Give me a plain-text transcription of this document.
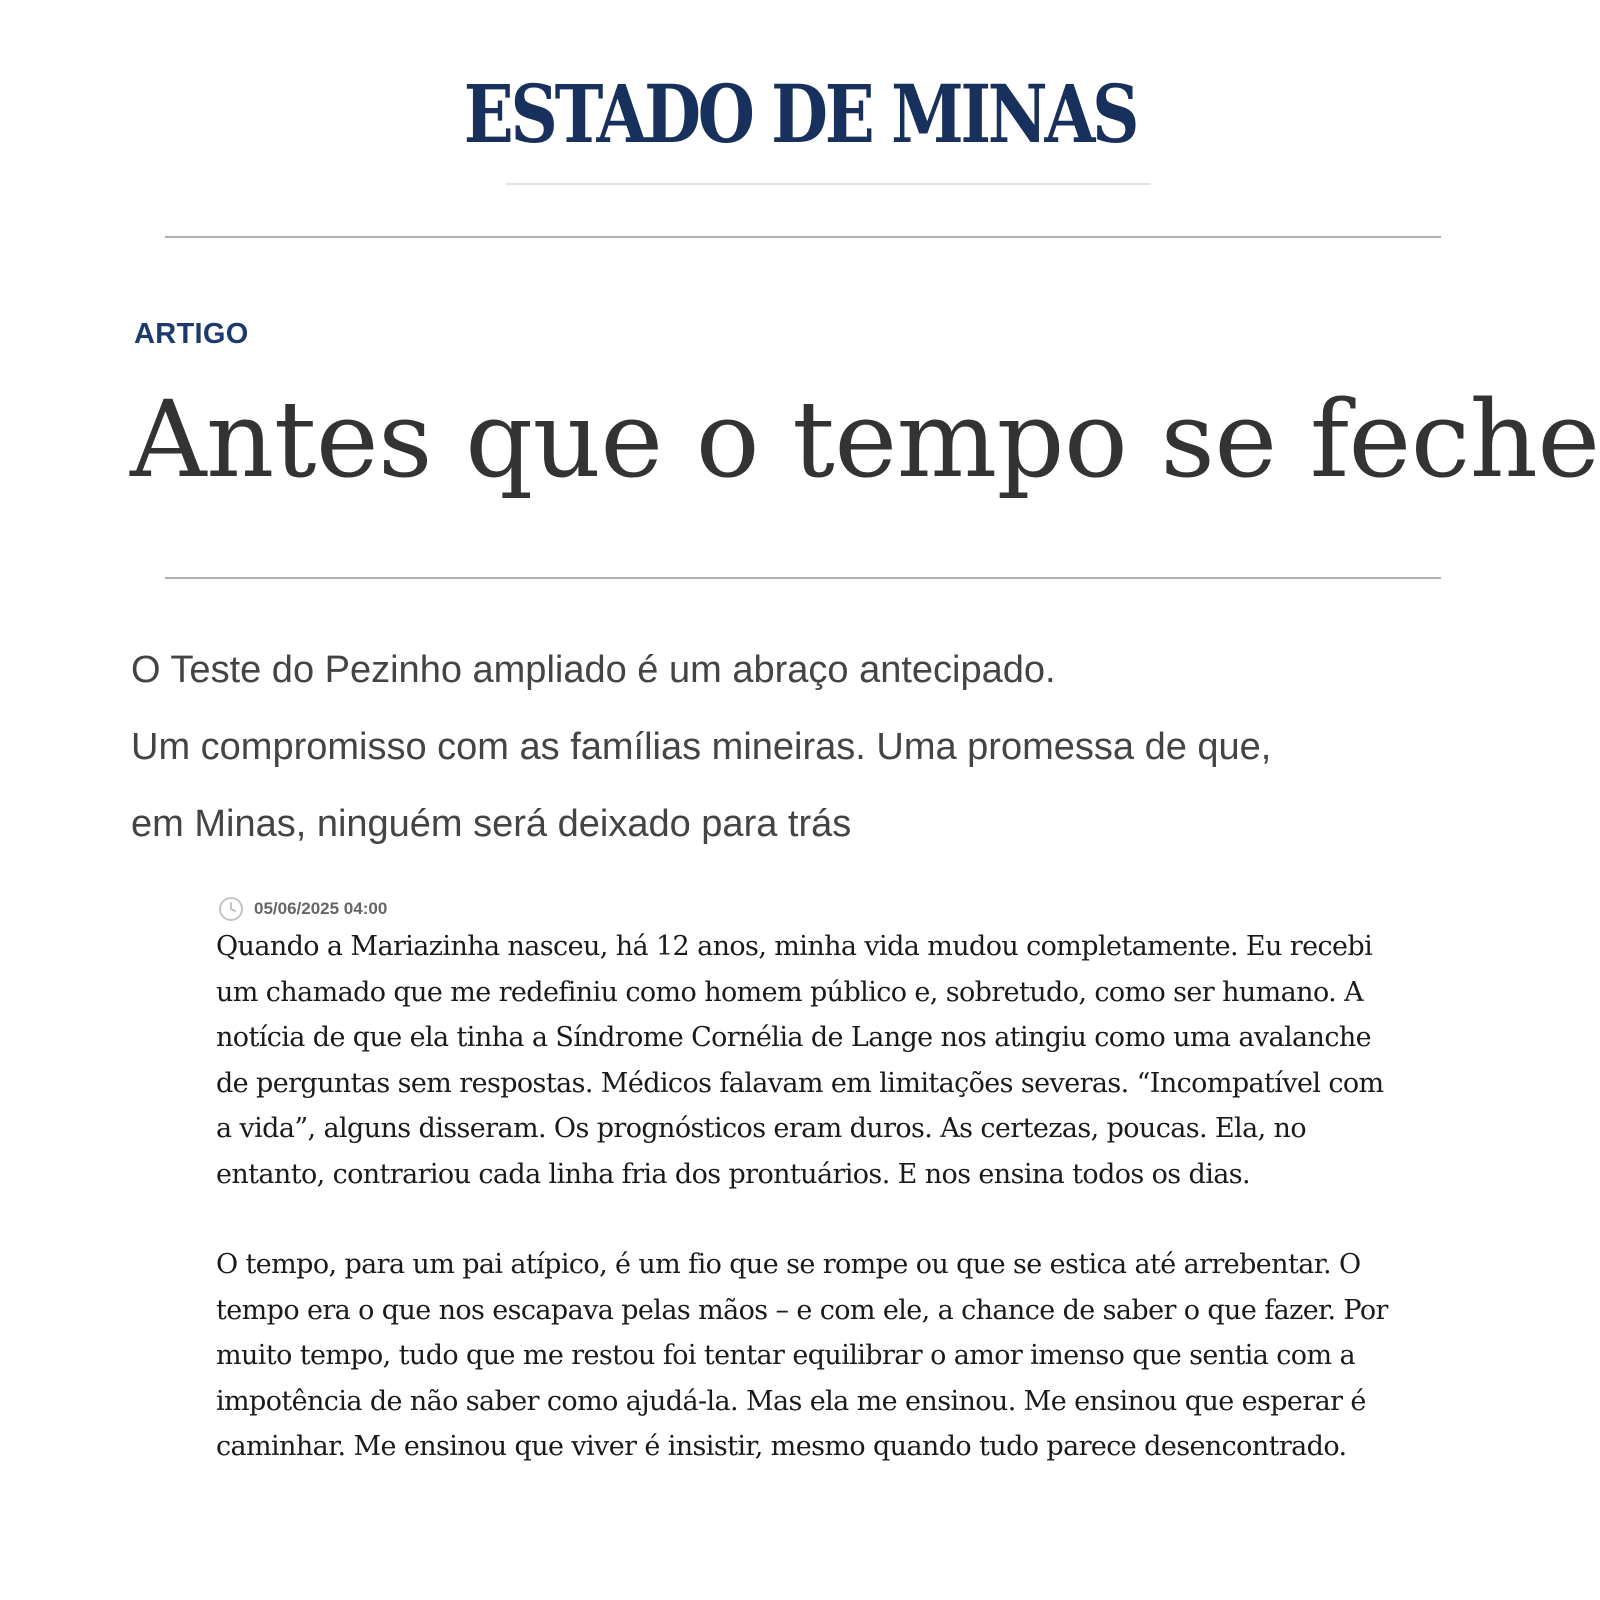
ESTADO DE MINAS
ARTIGO
Antes que o tempo se feche

O Teste do Pezinho ampliado é um abraço antecipado.

Um compromisso com as famílias mineiras. Uma promessa de que,

em Minas, ninguém será deixado para trás

05/06/2025 04:00

Quando a Mariazinha nasceu, há 12 anos, minha vida mudou completamente. Eu recebi um chamado que me redefiniu como homem público e, sobretudo, como ser humano. A notícia de que ela tinha a Síndrome Cornélia de Lange nos atingiu como uma avalanche de perguntas sem respostas. Médicos falavam em limitações severas. “Incompatível com a vida”, alguns disseram. Os prognósticos eram duros. As certezas, poucas. Ela, no entanto, contrariou cada linha fria dos prontuários. E nos ensina todos os dias.

O tempo, para um pai atípico, é um fio que se rompe ou que se estica até arrebentar. O tempo era o que nos escapava pelas mãos – e com ele, a chance de saber o que fazer. Por muito tempo, tudo que me restou foi tentar equilibrar o amor imenso que sentia com a impotência de não saber como ajudá-la. Mas ela me ensinou. Me ensinou que esperar é caminhar. Me ensinou que viver é insistir, mesmo quando tudo parece desencontrado.
